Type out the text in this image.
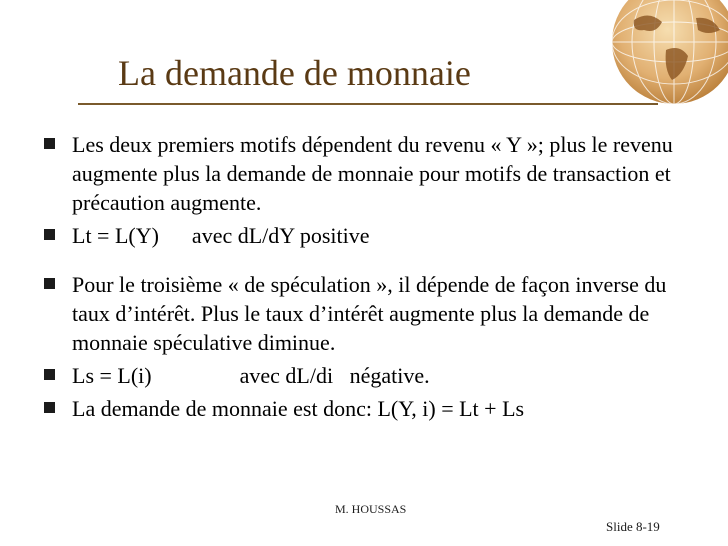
La demande de monnaie
Les deux premiers motifs dépendent du revenu « Y »; plus le revenu augmente plus la demande de monnaie pour motifs de transaction et précaution augmente.
Lt = L(Y)      avec dL/dY positive
Pour le troisième « de spéculation », il dépende de façon inverse du taux d’intérêt. Plus le taux d’intérêt augmente plus la demande de monnaie spéculative diminue.
Ls = L(i)                avec dL/di   négative.
La demande de monnaie est donc: L(Y, i) = Lt + Ls
M. HOUSSAS
Slide 8-19
